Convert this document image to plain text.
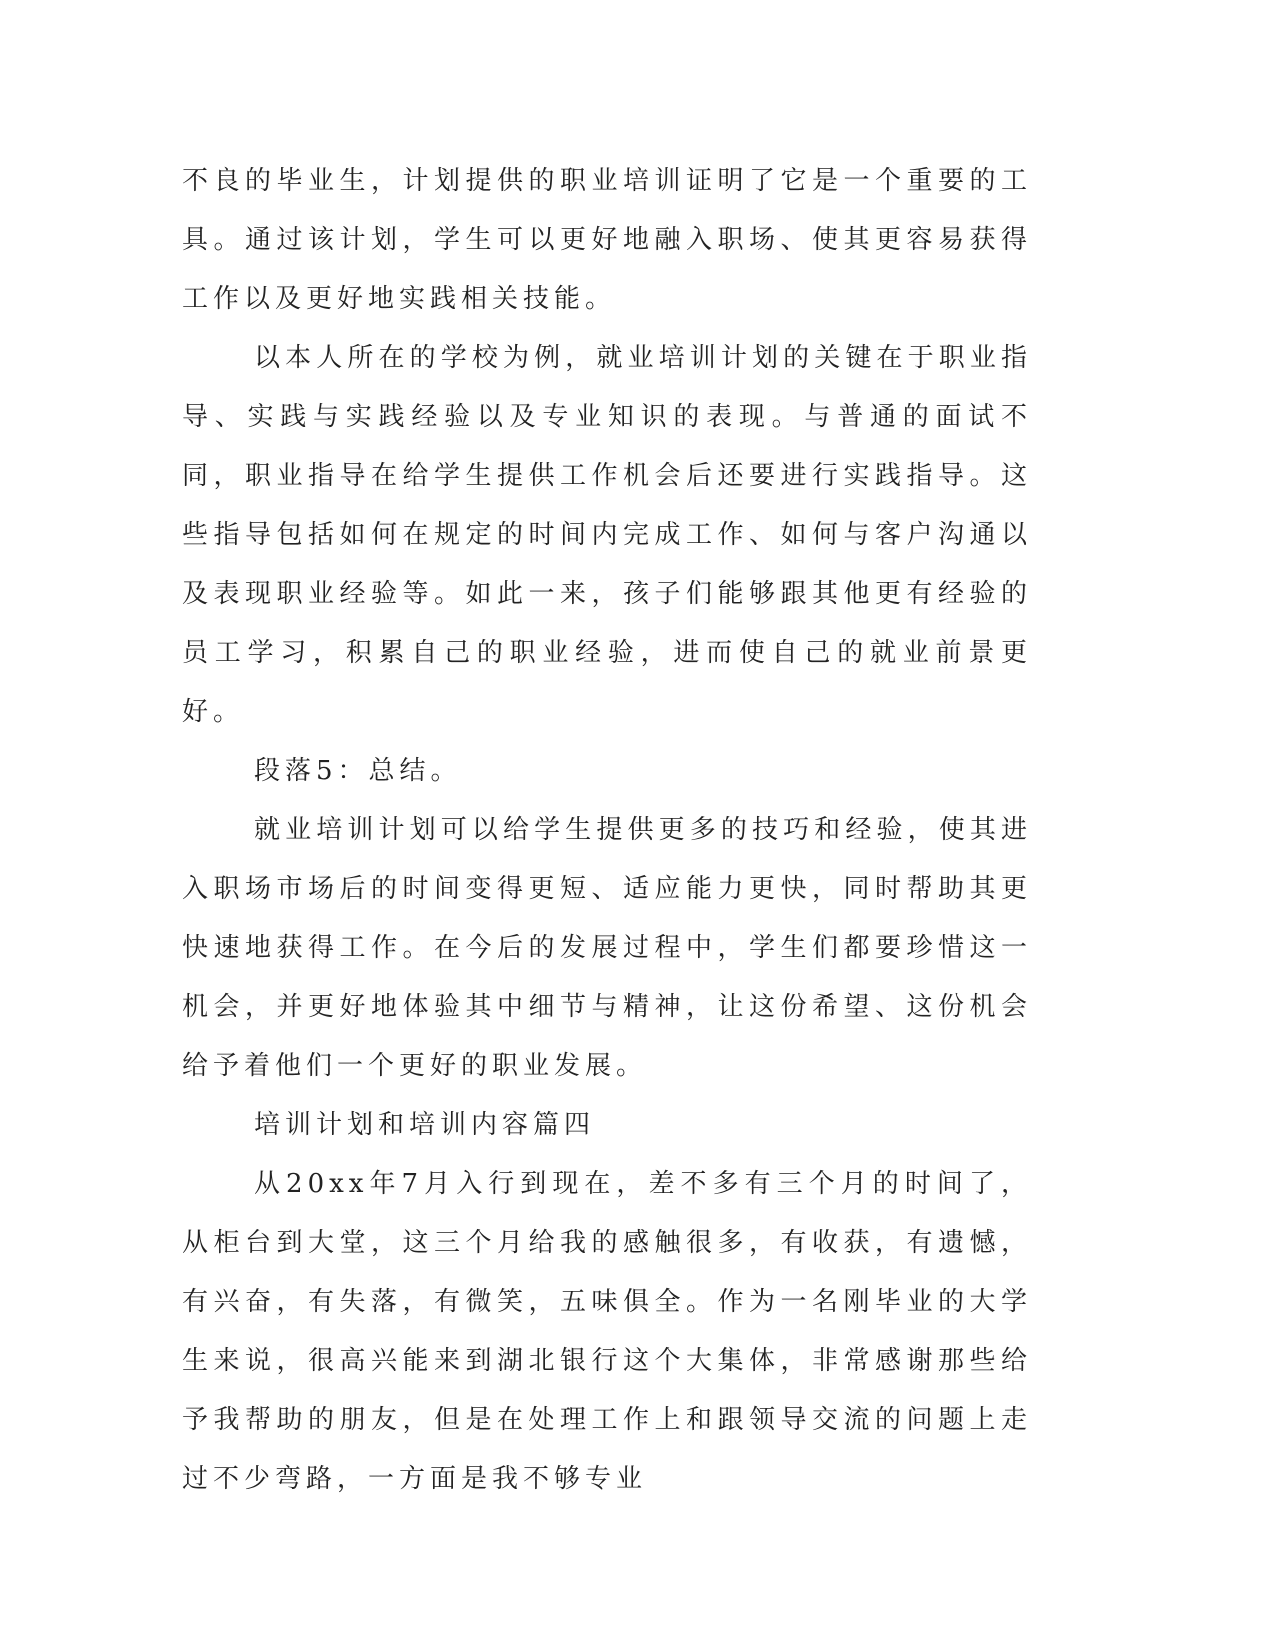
不良的毕业生，计划提供的职业培训证明了它是一个重要的工具。通过该计划，学生可以更好地融入职场、使其更容易获得工作以及更好地实践相关技能。

以本人所在的学校为例，就业培训计划的关键在于职业指导、实践与实践经验以及专业知识的表现。与普通的面试不同，职业指导在给学生提供工作机会后还要进行实践指导。这些指导包括如何在规定的时间内完成工作、如何与客户沟通以及表现职业经验等。如此一来，孩子们能够跟其他更有经验的员工学习，积累自己的职业经验，进而使自己的就业前景更好。

段落5：总结。

就业培训计划可以给学生提供更多的技巧和经验，使其进入职场市场后的时间变得更短、适应能力更快，同时帮助其更快速地获得工作。在今后的发展过程中，学生们都要珍惜这一机会，并更好地体验其中细节与精神，让这份希望、这份机会给予着他们一个更好的职业发展。

培训计划和培训内容篇四

从20xx年7月入行到现在，差不多有三个月的时间了，从柜台到大堂，这三个月给我的感触很多，有收获，有遗憾，有兴奋，有失落，有微笑，五味俱全。作为一名刚毕业的大学生来说，很高兴能来到湖北银行这个大集体，非常感谢那些给予我帮助的朋友，但是在处理工作上和跟领导交流的问题上走过不少弯路，一方面是我不够专业
